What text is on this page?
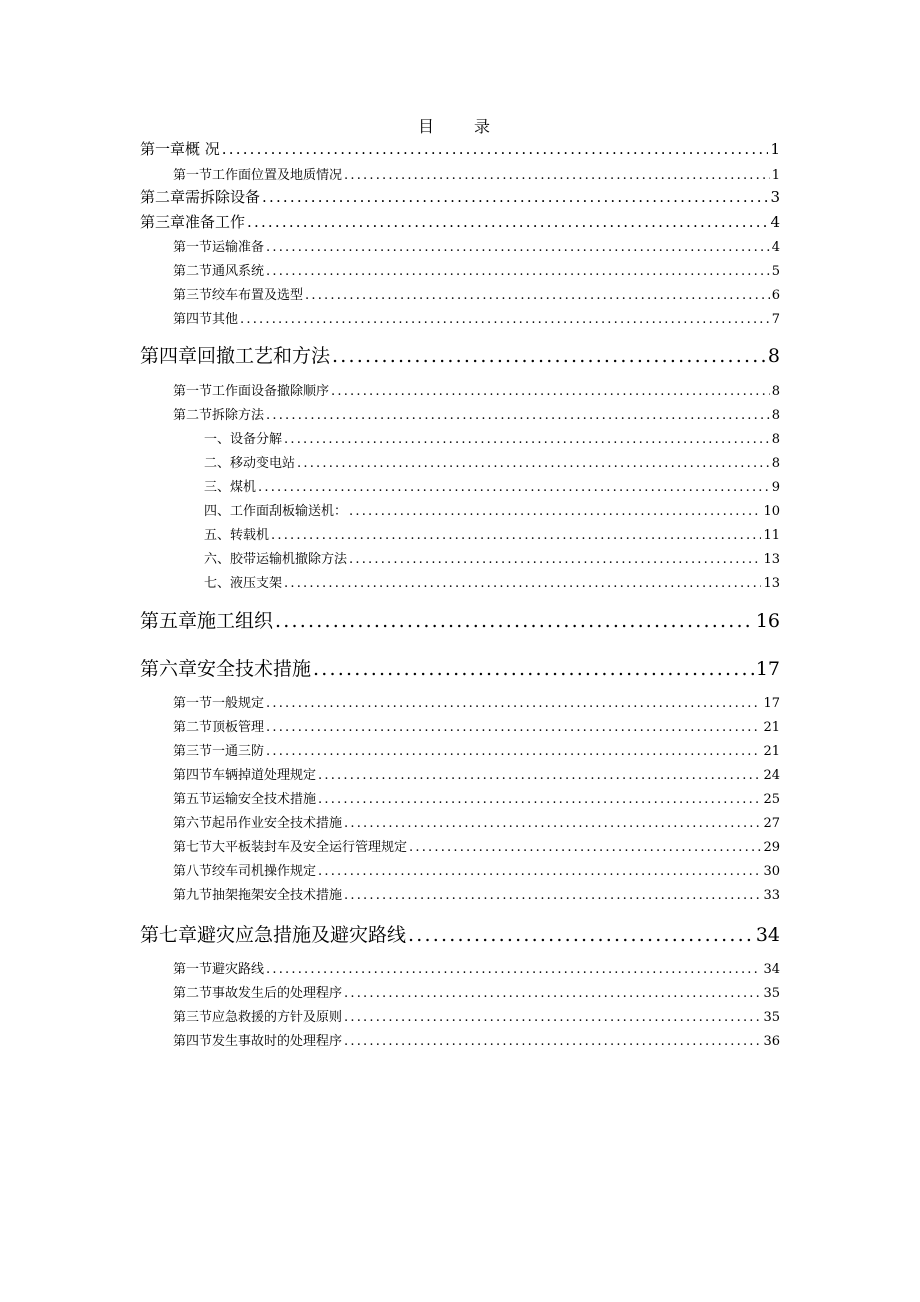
目　录
第一章 概 况 .....	1
第一节 工作面位置及地质情况 .....	1
第二章 需拆除设备 .....	3
第三章 准备工作 .....	4
第一节 运输准备 .....	4
第二节 通风系统 .....	5
第三节 绞车布置及选型 .....	6
第四节 其他 .....	7
第四章 回撤工艺和方法 .....	8
第一节 工作面设备撤除顺序 .....	8
第二节 拆除方法 .....	8
一、 设备分解 .....	8
二、 移动变电站 .....	8
三、 煤机 .....	9
四、 工作面刮板输送机： .....	10
五、 转载机 .....	11
六、 胶带运输机撤除方法 .....	13
七、 液压支架 .....	13
第五章 施工组织 .....	16
第六章 安全技术措施 .....	17
第一节 一般规定 .....	17
第二节 顶板管理 .....	21
第三节 一通三防 .....	21
第四节 车辆掉道处理规定 .....	24
第五节 运输安全技术措施 .....	25
第六节 起吊作业安全技术措施 .....	27
第七节 大平板装封车及安全运行管理规定 .....	29
第八节 绞车司机操作规定 .....	30
第九节 抽架拖架安全技术措施 .....	33
第七章 避灾应急措施及避灾路线 .....	34
第一节 避灾路线 .....	34
第二节 事故发生后的处理程序 .....	35
第三节 应急救援的方针及原则 .....	35
第四节 发生事故时的处理程序 .....	36
